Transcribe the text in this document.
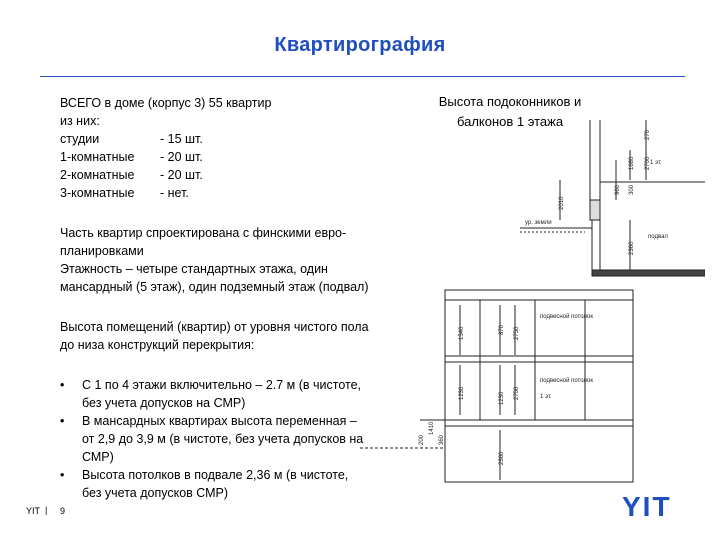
Квартирография
ВСЕГО в доме (корпус 3) 55 квартир
из них:
студии	- 15 шт.
1-комнатные	- 20 шт.
2-комнатные	- 20 шт.
3-комнатные	- нет.

Часть квартир спроектирована с финскими евро-планировками

Этажность – четыре стандартных этажа, один мансардный (5 этаж), один подземный этаж (подвал)

Высота помещений (квартир) от уровня чистого пола до низа конструкций перекрытия:

• С 1 по 4 этажи включительно – 2.7 м (в чистоте, без учета допусков на СМР)
• В мансардных квартирах высота переменная – от 2,9 до 3,9 м (в чистоте, без учета допусков на СМР)
• Высота потолков в подвале 2,36 м (в чистоте, без учета допусков СМР)
Высота подоконников и балконов 1 этажа
270
1680 2700
2010
960 300
2360
1540	870 2750
1230	2750
1230
200
1410
360
2360
1 эт.
ур. земли
подвал
подвесной потолок
подвесной потолок
1 эт.
YIT | 9	YIT
